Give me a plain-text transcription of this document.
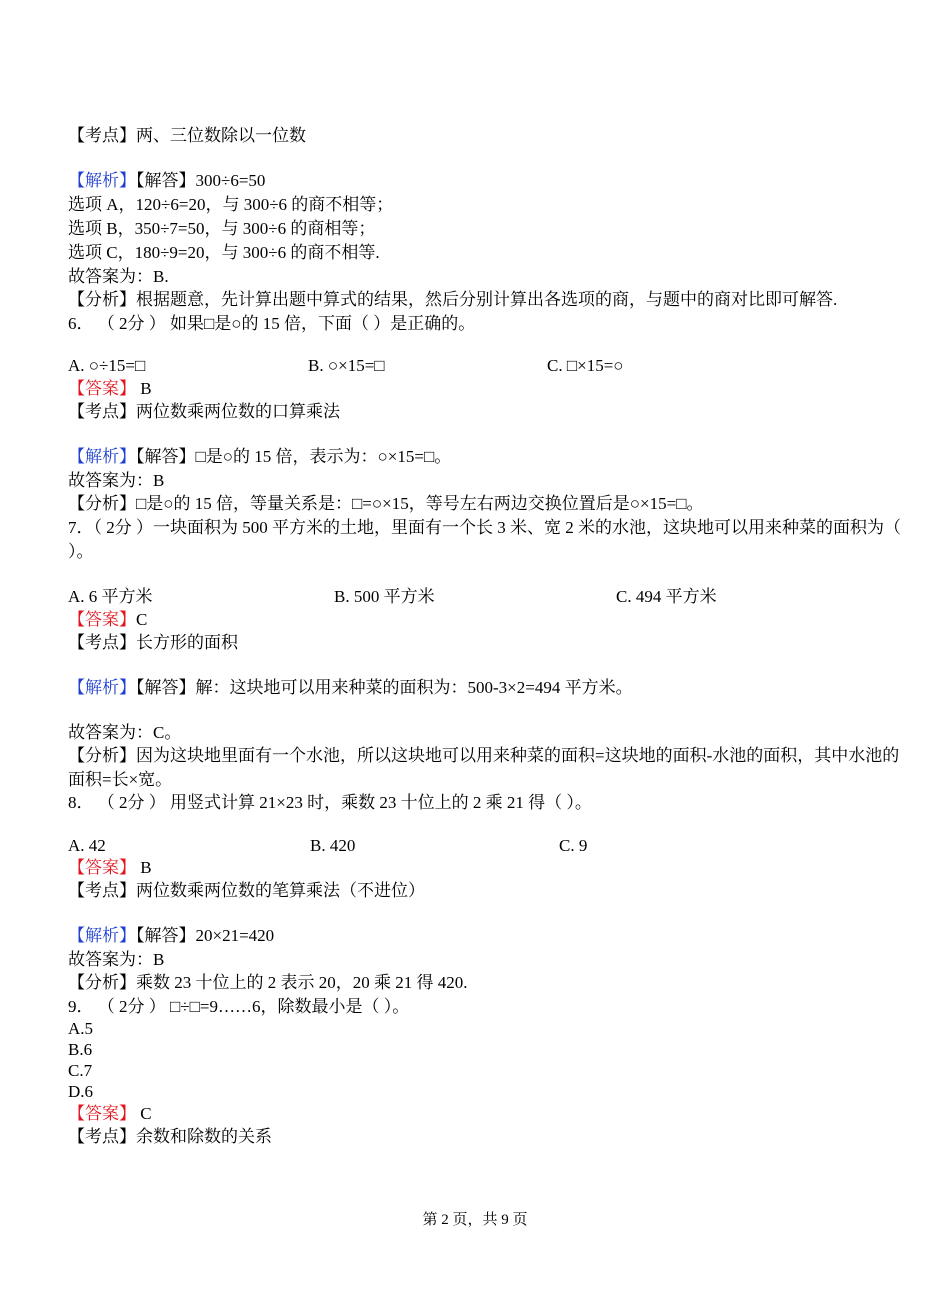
【考点】两、三位数除以一位数
【解析】【解答】300÷6=50
选项 A，120÷6=20，与 300÷6 的商不相等；
选项 B，350÷7=50，与 300÷6 的商相等；
选项 C，180÷9=20，与 300÷6 的商不相等.
故答案为：B.
【分析】根据题意，先计算出题中算式的结果，然后分别计算出各选项的商，与题中的商对比即可解答.
6． （ 2分 ） 如果□是○的 15 倍，下面（ ）是正确的。
A. ○÷15=□	B. ○×15=□	C. □×15=○
【答案】 B
【考点】两位数乘两位数的口算乘法
【解析】【解答】□是○的 15 倍，表示为：○×15=□。
故答案为：B
【分析】□是○的 15 倍，等量关系是：□=○×15，等号左右两边交换位置后是○×15=□。
7．（ 2分 ）一块面积为 500 平方米的土地，里面有一个长 3 米、宽 2 米的水池，这块地可以用来种菜的面积为（
）。
A. 6 平方米	B. 500 平方米	C. 494 平方米
【答案】C
【考点】长方形的面积
【解析】【解答】解：这块地可以用来种菜的面积为：500-3×2=494 平方米。
故答案为：C。
【分析】因为这块地里面有一个水池，所以这块地可以用来种菜的面积=这块地的面积-水池的面积，其中水池的
面积=长×宽。
8． （ 2分 ） 用竖式计算 21×23 时，乘数 23 十位上的 2 乘 21 得（ ）。
A. 42	B. 420	C. 9
【答案】 B
【考点】两位数乘两位数的笔算乘法（不进位）
【解析】【解答】20×21=420
故答案为：B
【分析】乘数 23 十位上的 2 表示 20，20 乘 21 得 420.
9． （ 2分 ） □÷□=9……6，除数最小是（ ）。
A.5
B.6
C.7
D.6
【答案】 C
【考点】余数和除数的关系
第 2 页，共 9 页
